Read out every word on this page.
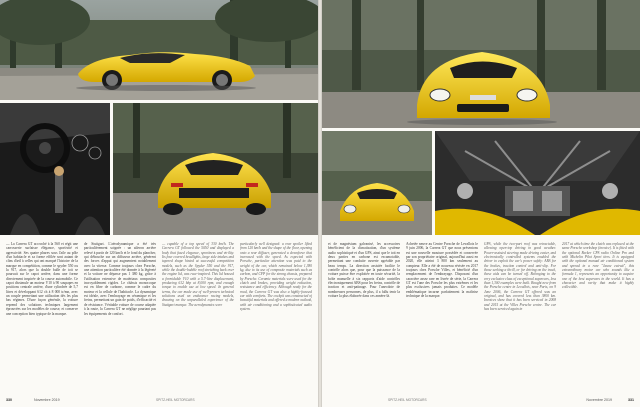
— La Carrera GT accroché à la 560 et régit une carrosserie surfaisse élégance, sportivité et agressivité. Ses quatre phares sous l'aile au pôle d'un habitacle et sa forme effilée sont autant de clins d'œil à celles qui ont marqué l'histoire de la marque en compétition, comme le spyder 550 ou la 917, alors que la double bulle de toit se poursuit sur le capot arrière, dans une forme directement inspirée de la course automobile. Ce capot dissimule un moteur V10 à 90 soupapes en positions centrale arrière, d'une cylindrée de 5,7 litres et développant 612 ch à 8 000 tr/mn, avec un couple permettant une utilisation dès les plus bas régimes. D'une façon générale, la voiture reprend des solutions techniques largement éprouvées sur les modèles de course, et conserve une conception bien typique de la marque.
de Stuttgart. L'aérodynamique a été très particulièrement soignée : un aileron arrière relevé à partir de 120 km/h et le fond du plancher, qui débouche sur un diffuseur arrière, génèrent des forces d'appui qui augmentent notablement avec la vitesse. Comme toujours chez Porsche, une attention particulière été donnée à la légèreté et la voiture ne dépasse pas 1 380 kg, grâce à l'utilisation extensive de matériaux composites incroyablement rigides. Le châssis monocoque est en fibre de carbone, comme le cadre du moteur et la cellule de l'habitacle. La dynamique est idéale, avec l'embrayage en céramique et les freins, permettant un gain de poids, d'efficacité et de résistance. Véritable voiture de course adaptée à la route, la Carrera GT ne néglige pourtant pas les équipements de confort.
— capable of a top speed of 330 km/h. The Carrera GT followed the 5050 and displayed a body that fused elegance, sportiness and virility. Its four covered headlights, large side intakes and tapered shape hinted at successful competition models, such as the Spyder 550 and the 917, while the double-bubble roof stretching back over the engine lid, was race-inspired. This lid housed a formidable V10 with a 5.7-litre displacement, producing 612 bhp at 8,000 rpm, and enough torque to enable use at low speed. In general terms, the car made use of well-proven technical solutions used on endurance racing models, drawing on the unparalleled experience of the Stuttgart marque. The aerodynamics were
particularly well designed: a rear spoiler lifted from 120 km/h and the shape of the floor, opening onto a rear diffuser, generated a downforce that increased with the speed. As expected with Porsche, particular attention was paid to the weight of the car, which remained below 1,380 kg, due to its use of composite materials such as carbon, and CFP for the strong chassis, prepared by Porsche. Ceramic materials were used for the clutch and brakes, providing weight reduction, resistance and efficiency. Although ready for the road, the Carrera GT was also a highly-focused car with comforts. The cockpit was constructed of beautiful materials and offered a modern outlook, with air conditioning and a sophisticated audio system.
330	Novembre 2019	SPITZ-HEIL MOTORCARS
et de magnésium galvanisé, les accessoires bénéficient de la climatisation, d'un système audio sophistiqué et d'un GPS, ainsi que le toit en deux parties en carbone est escamotable, permettant une conduite ouverte agréable par beau temps. La direction assistée facilite le contrôle alors que, pour que la puissance de la voiture puisse être exploitée en toute sécurité, la boîte manuelle à six rapports d'aide contrôles électroniquement ABS pour les freins, contrôle de traction et anti-patinage. Pour l'anecdote de nombreuses personnes, de plus, il a fallu tenir la voiture la plus élaborée dans ces années-là.
Achetée neuve au Centre Porsche de Levallois le 9 juin 2006, la Carrera GT que nous présentons est une nouvelle mouture possédée et conservée par son propriétaire original, aujourd'hui aussi en 2020, elle atteint 3 800 km seulement au compteur. Elle a été de nouveau révisée en 2017 toujours chez Porsche Villes, et bénéficié d'un remplacement de l'embrayage. Disposant d'un caractère assez rare en livrée de série, la Carrera GT est l'une des Porsche les plus extrêmes et les plus exclusives jamais produites. Ce modèle emblématique incarne parfaitement la maîtrise technique de la marque.
GPS, while the two-part roof was retractable, allowing open-top driving in good weather. Power-assisted steering made driving easier, and electronically controlled systems enabled the driver to exploit the car's power safely: ABS for the brakes, traction control and anti-slip. For those seeking a thrill, or for driving on the track, these aids can be turned off. Belonging to the very exclusive class of exceptional supercars, less than 1,300 examples were built. Bought new from the Porsche centre in Levallois, near Paris, on 9 June 2006, the Carrera GT offered was an original, and has covered less than 3800 km. Invoices show that it has been serviced in 2008 and 2015 at the Villes Porsche centre. The car has been serviced again in
2017 at which time the clutch was replaced at the same Porsche workshop (invoice). It is fitted with the optional Becker CPS radio Online Pro and with Michelin Pilot Sport tires. It is equipped with the optional manual air conditioned system and spread in a rare "Jaune extrait", this extraordinary motor car who sounds like a formula 1, represents an opportunity to acquire one of the best supercars in the world. It has a character and rarity that make it highly collectible.
SPITZ-HEIL MOTORCARS	Novembre 2019	331
